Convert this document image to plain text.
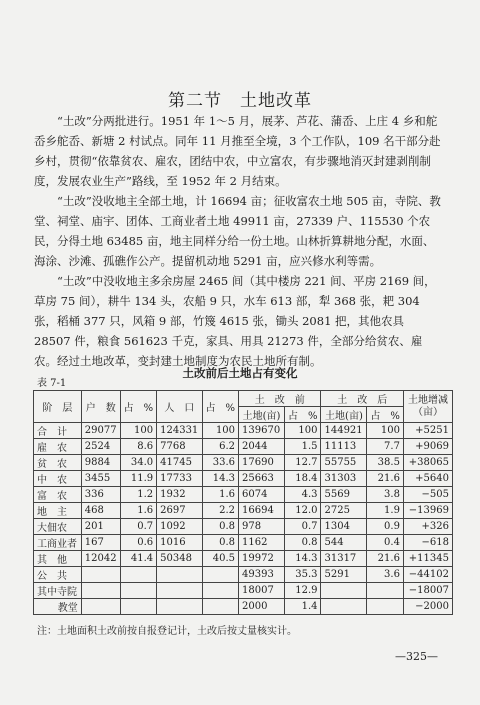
第二节　土地改革

“土改”分两批进行。1951 年 1～5 月，展茅、芦花、蒲岙、上庄 4 乡和舵岙乡舵岙、新塘 2 村试点。同年 11 月推至全境，3 个工作队，109 名干部分赴乡村，贯彻“依靠贫农、雇农，团结中农，中立富农，有步骤地消灭封建剥削制度，发展农业生产”路线，至 1952 年 2 月结束。

“土改”没收地主全部土地，计 16694 亩；征收富农土地 505 亩，寺院、教堂、祠堂、庙宇、团体、工商业者土地 49911 亩，27339 户、115530 个农民，分得土地 63485 亩，地主同样分给一份土地。山林折算耕地分配，水面、海涂、沙滩、孤礁作公产。提留机动地 5291 亩，应兴修水利等需。

“土改”中没收地主多余房屋 2465 间（其中楼房 221 间、平房 2169 间，草房 75 间），耕牛 134 头，农船 9 只，水车 613 部，犁 368 张，耙 304 张，稻桶 377 只，风箱 9 部，竹篾 4615 张，锄头 2081 把，其他农具 28507 件，粮食 561623 千克，家具、用具 21273 件，全部分给贫农、雇农。经过土地改革，变封建土地制度为农民土地所有制。

土改前后土地占有变化
表 7-1
阶　层	户　数	占　%	人　口	占　%	土　改　前		土　改　后		土地增减（亩）
					土地(亩)	占　%	土地(亩)	占　%	
合　计	29077	100	124331	100	139670	100	144921	100	+5251
雇　农	2524	8.6	7768	6.2	2044	1.5	11113	7.7	+9069
贫　农	9884	34.0	41745	33.6	17690	12.7	55755	38.5	+38065
中　农	3455	11.9	17733	14.3	25663	18.4	31303	21.6	+5640
富　农	336	1.2	1932	1.6	6074	4.3	5569	3.8	−505
地　主	468	1.6	2697	2.2	16694	12.0	2725	1.9	−13969
大佃农	201	0.7	1092	0.8	978	0.7	1304	0.9	+326
工商业者	167	0.6	1016	0.8	1162	0.8	544	0.4	−618
其　他	12042	41.4	50348	40.5	19972	14.3	31317	21.6	+11345
公　共					49393	35.3	5291	3.6	−44102
其中寺院					18007	12.9			−18007
教堂					2000	1.4			−2000
注：土地面积土改前按自报登记计，土改后按丈量核实计。
—325—
